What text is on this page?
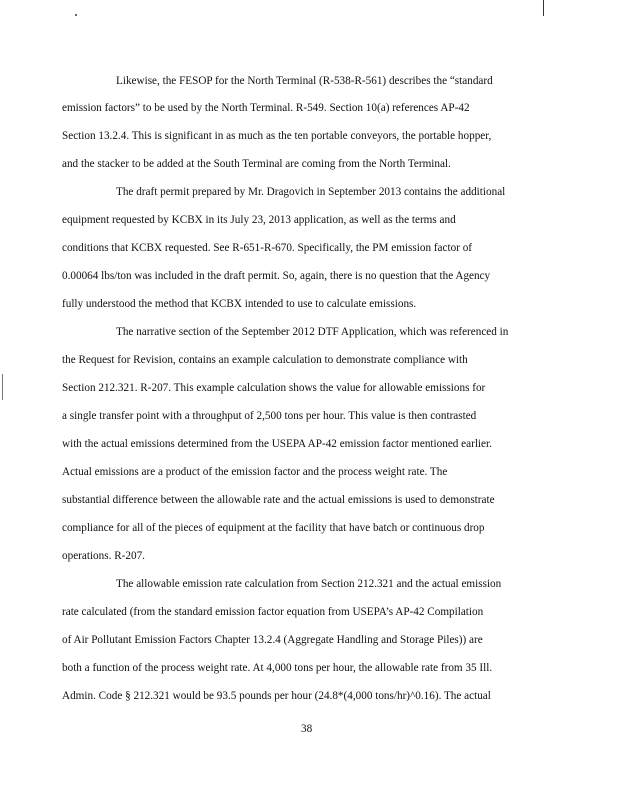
Likewise, the FESOP for the North Terminal (R-538-R-561) describes the “standard
emission factors” to be used by the North Terminal. R-549. Section 10(a) references AP-42
Section 13.2.4. This is significant in as much as the ten portable conveyors, the portable hopper,
and the stacker to be added at the South Terminal are coming from the North Terminal.
The draft permit prepared by Mr. Dragovich in September 2013 contains the additional
equipment requested by KCBX in its July 23, 2013 application, as well as the terms and
conditions that KCBX requested. See R-651-R-670. Specifically, the PM emission factor of
0.00064 lbs/ton was included in the draft permit. So, again, there is no question that the Agency
fully understood the method that KCBX intended to use to calculate emissions.
The narrative section of the September 2012 DTF Application, which was referenced in
the Request for Revision, contains an example calculation to demonstrate compliance with
Section 212.321. R-207. This example calculation shows the value for allowable emissions for
a single transfer point with a throughput of 2,500 tons per hour. This value is then contrasted
with the actual emissions determined from the USEPA AP-42 emission factor mentioned earlier.
Actual emissions are a product of the emission factor and the process weight rate. The
substantial difference between the allowable rate and the actual emissions is used to demonstrate
compliance for all of the pieces of equipment at the facility that have batch or continuous drop
operations. R-207.
The allowable emission rate calculation from Section 212.321 and the actual emission
rate calculated (from the standard emission factor equation from USEPA’s AP-42 Compilation
of Air Pollutant Emission Factors Chapter 13.2.4 (Aggregate Handling and Storage Piles)) are
both a function of the process weight rate. At 4,000 tons per hour, the allowable rate from 35 Ill.
Admin. Code § 212.321 would be 93.5 pounds per hour (24.8*(4,000 tons/hr)^0.16). The actual
38
